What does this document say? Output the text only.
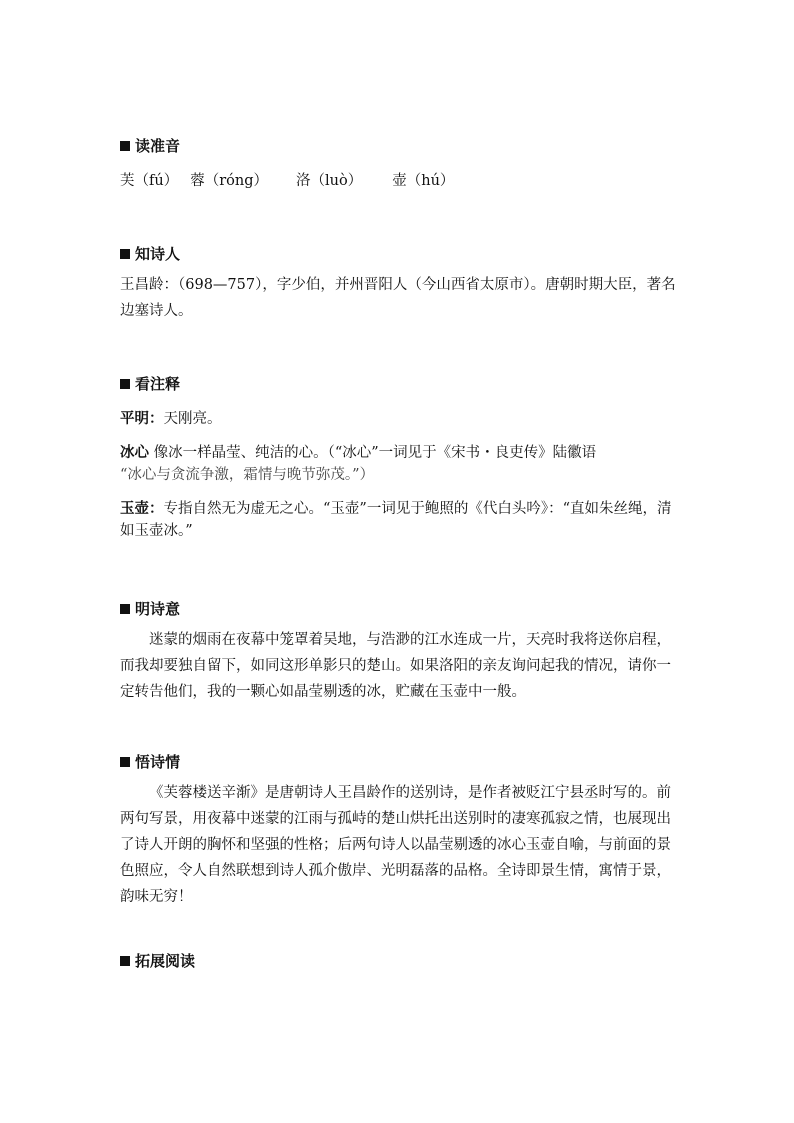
读准音
芙（fú） 蓉（róng） 洛（luò） 壶（hú）
知诗人

王昌龄：（698—757），字少伯，并州晋阳人（今山西省太原市）。唐朝时期大臣，著名边塞诗人。

看注释

平明：天刚亮。

冰心 像冰一样晶莹、纯洁的心。（“冰心”一词见于《宋书・良吏传》陆徽语
“冰心与贪流争激，霜情与晚节弥茂。”）

玉壶：专指自然无为虚无之心。“玉壶”一词见于鲍照的《代白头吟》：“直如朱丝绳，清如玉壶冰。”

明诗意

迷蒙的烟雨在夜幕中笼罩着吴地，与浩渺的江水连成一片，天亮时我将送你启程，而我却要独自留下，如同这形单影只的楚山。如果洛阳的亲友询问起我的情况，请你一定转告他们，我的一颗心如晶莹剔透的冰，贮藏在玉壶中一般。

悟诗情

《芙蓉楼送辛渐》是唐朝诗人王昌龄作的送别诗，是作者被贬江宁县丞时写的。前两句写景，用夜幕中迷蒙的江雨与孤峙的楚山烘托出送别时的凄寒孤寂之情，也展现出了诗人开朗的胸怀和坚强的性格；后两句诗人以晶莹剔透的冰心玉壶自喻，与前面的景色照应，令人自然联想到诗人孤介傲岸、光明磊落的品格。全诗即景生情，寓情于景，韵味无穷！

拓展阅读
